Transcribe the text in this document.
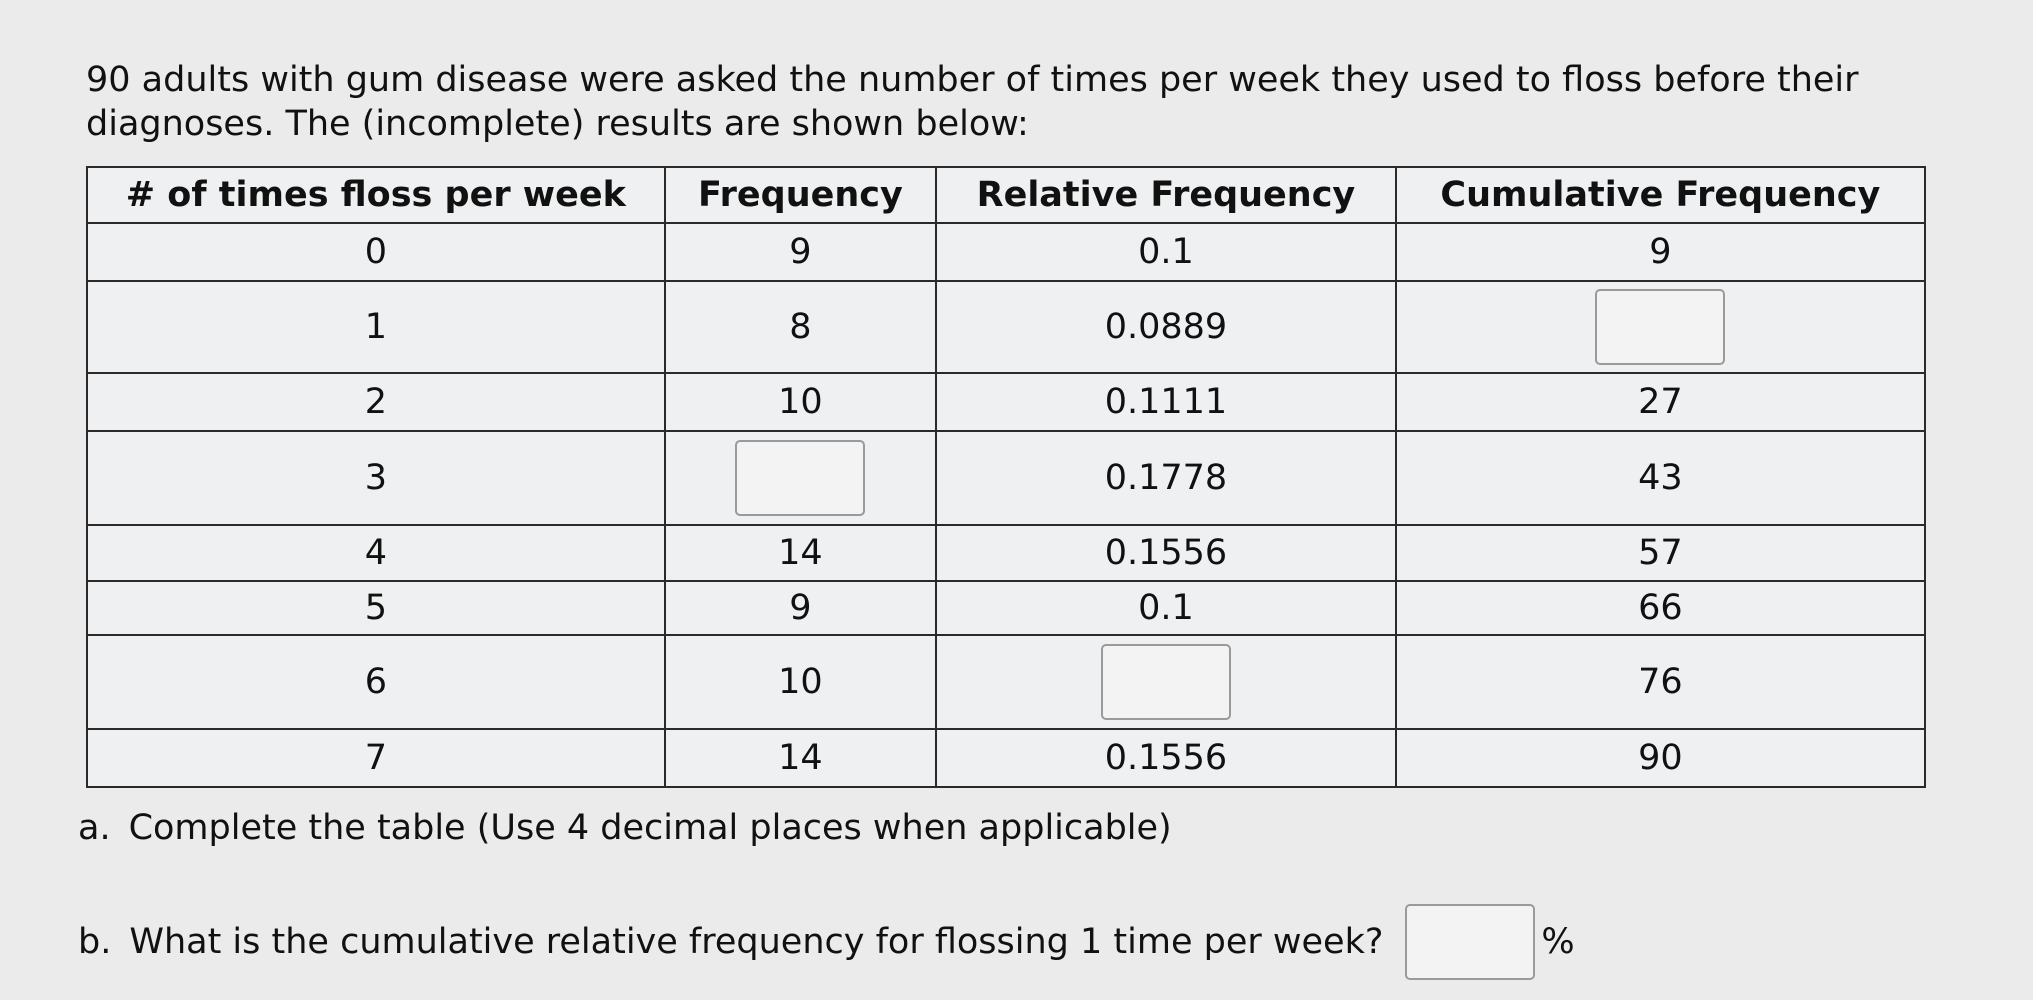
90 adults with gum disease were asked the number of times per week they used to floss before their diagnoses. The (incomplete) results are shown below:

# of times floss per week	Frequency	Relative Frequency	Cumulative Frequency
0	9	0.1	9
1	8	0.0889	
2	10	0.1111	27
3		0.1778	43
4	14	0.1556	57
5	9	0.1	66
6	10		76
7	14	0.1556	90

a. Complete the table (Use 4 decimal places when applicable)

b. What is the cumulative relative frequency for flossing 1 time per week?	%
